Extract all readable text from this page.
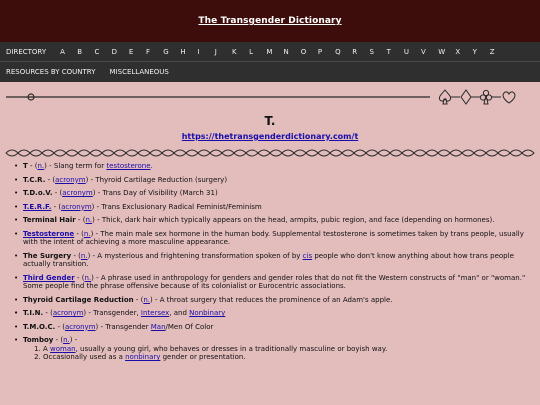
The Transgender Dictionary
DIRECTORY A	B	C	D	E	F	G	H	I	J	K	L	M	N	O	P	Q	R	S	T	U	V	W	X	Y	Z
RESOURCES BY COUNTRY MISCELLANEOUS
T.
https://thetransgenderdictionary.com/t
• T - (n.) - Slang term for testosterone.
• T.C.R. - (acronym) - Thyroid Cartilage Reduction (surgery)
• T.D.o.V. - (acronym) - Trans Day of Visibility (March 31)
• T.E.R.F. - (acronym) - Trans Exclusionary Radical Feminist/Feminism
• Terminal Hair - (n.) - Thick, dark hair which typically appears on the head, armpits, pubic region, and face (depending on hormones).
• Testosterone - (n.) - The main male sex hormone in the human body. Supplemental testosterone is sometimes taken by trans people, usually with the intent of achieving a more masculine appearance.
• The Surgery - (n.) - A mysterious and frightening transformation spoken of by cis people who don't know anything about how trans people actually transition.
• Third Gender - (n.) - A phrase used in anthropology for genders and gender roles that do not fit the Western constructs of "man" or "woman." Some people find the phrase offensive because of its colonialist or Eurocentric associations.
• Thyroid Cartilage Reduction - (n.) - A throat surgery that reduces the prominence of an Adam's apple.
• T.I.N. - (acronym) - Transgender, Intersex, and Nonbinary
• T.M.O.C. - (acronym) - Transgender Man/Men Of Color
• Tomboy - (n.) -
1. A woman, usually a young girl, who behaves or dresses in a traditionally masculine or boyish way.
2. Occasionally used as a nonbinary gender or presentation.
